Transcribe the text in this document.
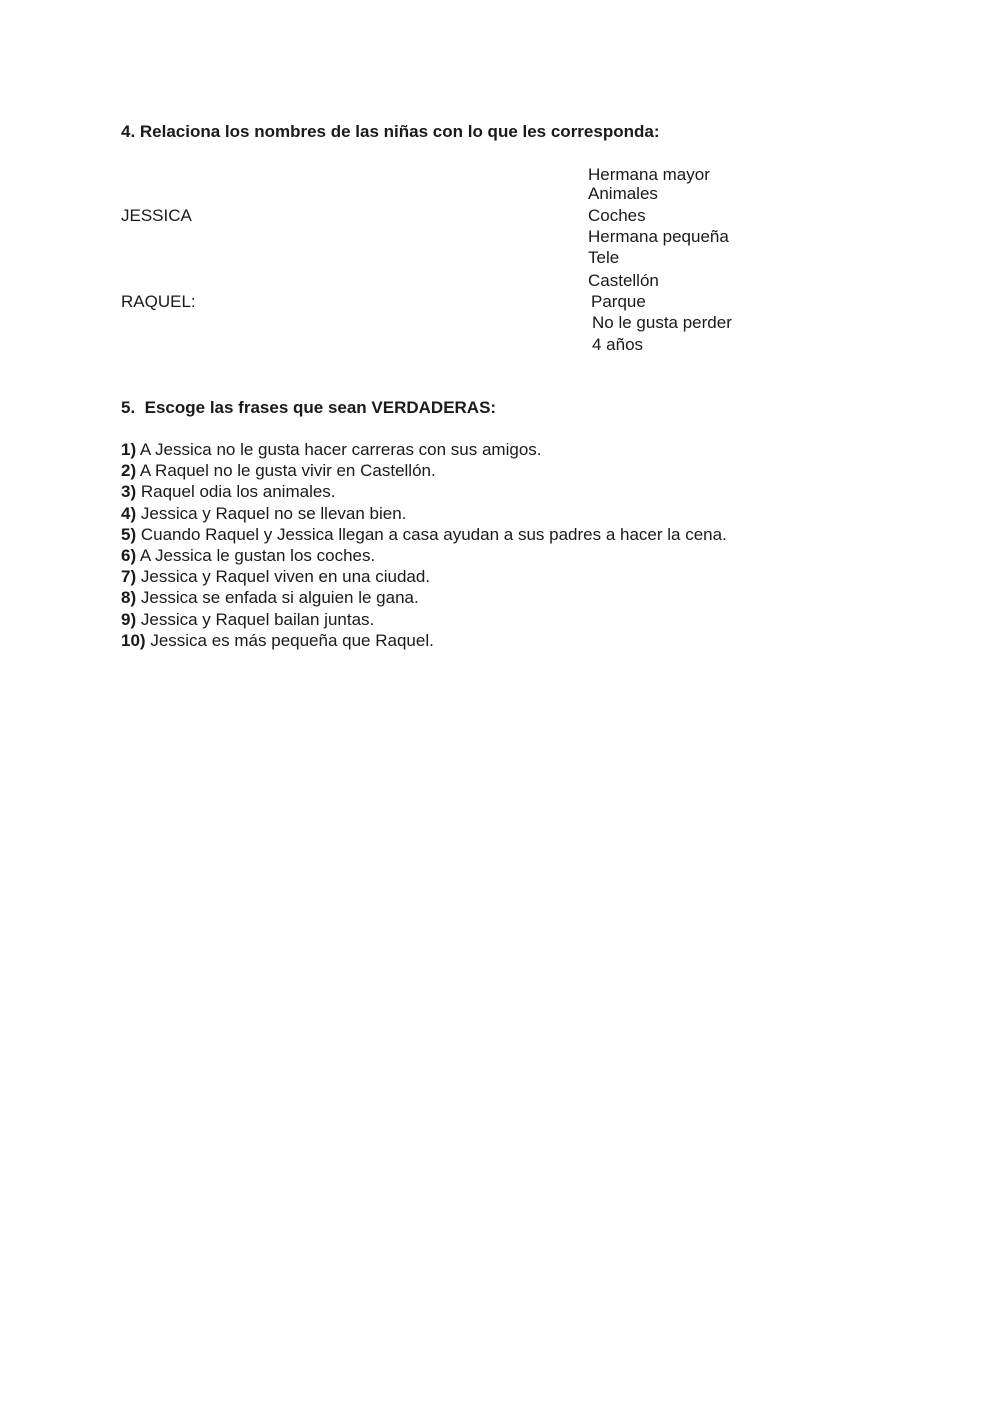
4. Relaciona los nombres de las niñas con lo que les corresponda:
JESSICA
RAQUEL:
Hermana mayor
Animales
Coches
Hermana pequeña
Tele
Castellón
Parque
No le gusta perder
4 años
5.  Escoge las frases que sean VERDADERAS:
1) A Jessica no le gusta hacer carreras con sus amigos.
2) A Raquel no le gusta vivir en Castellón.
3) Raquel odia los animales.
4) Jessica y Raquel no se llevan bien.
5) Cuando Raquel y Jessica llegan a casa ayudan a sus padres a hacer la cena.
6) A Jessica le gustan los coches.
7) Jessica y Raquel viven en una ciudad.
8) Jessica se enfada si alguien le gana.
9) Jessica y Raquel bailan juntas.
10) Jessica es más pequeña que Raquel.
